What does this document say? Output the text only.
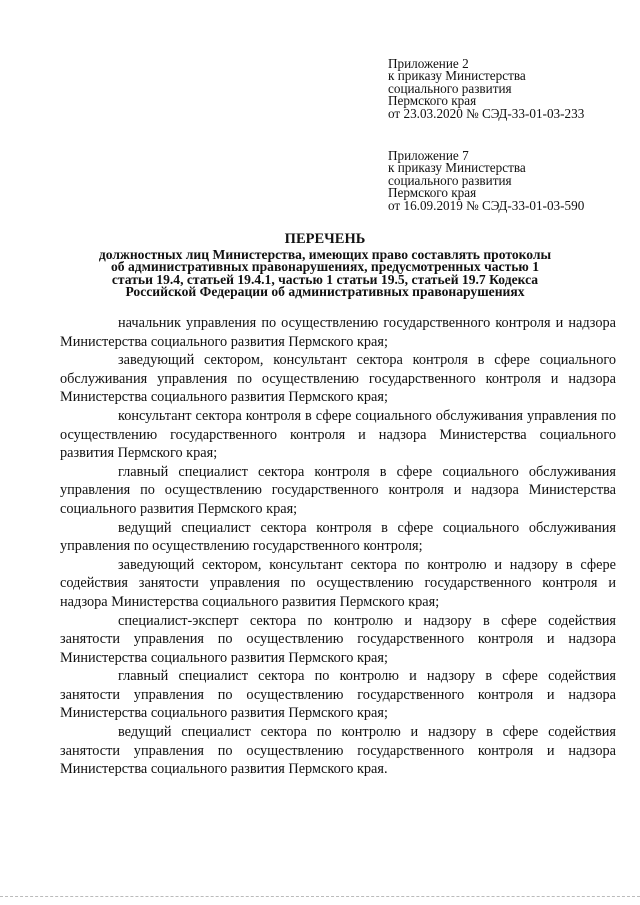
Приложение 2
к приказу Министерства
социального развития
Пермского края
от 23.03.2020 № СЭД-33-01-03-233
Приложение 7
к приказу Министерства
социального развития
Пермского края
от 16.09.2019 № СЭД-33-01-03-590
ПЕРЕЧЕНЬ
должностных лиц Министерства, имеющих право составлять протоколы
об административных правонарушениях, предусмотренных частью 1
статьи 19.4, статьей 19.4.1, частью 1 статьи 19.5, статьей 19.7 Кодекса
Российской Федерации об административных правонарушениях

начальник управления по осуществлению государственного контроля и надзора Министерства социального развития Пермского края;

заведующий сектором, консультант сектора контроля в сфере социального обслуживания управления по осуществлению государственного контроля и надзора Министерства социального развития Пермского края;

консультант сектора контроля в сфере социального обслуживания управления по осуществлению государственного контроля и надзора Министерства социального развития Пермского края;

главный специалист сектора контроля в сфере социального обслуживания управления по осуществлению государственного контроля и надзора Министерства социального развития Пермского края;

ведущий специалист сектора контроля в сфере социального обслуживания управления по осуществлению государственного контроля;

заведующий сектором, консультант сектора по контролю и надзору в сфере содействия занятости управления по осуществлению государственного контроля и надзора Министерства социального развития Пермского края;

специалист-эксперт сектора по контролю и надзору в сфере содействия занятости управления по осуществлению государственного контроля и надзора Министерства социального развития Пермского края;

главный специалист сектора по контролю и надзору в сфере содействия занятости управления по осуществлению государственного контроля и надзора Министерства социального развития Пермского края;

ведущий специалист сектора по контролю и надзору в сфере содействия занятости управления по осуществлению государственного контроля и надзора Министерства социального развития Пермского края.
